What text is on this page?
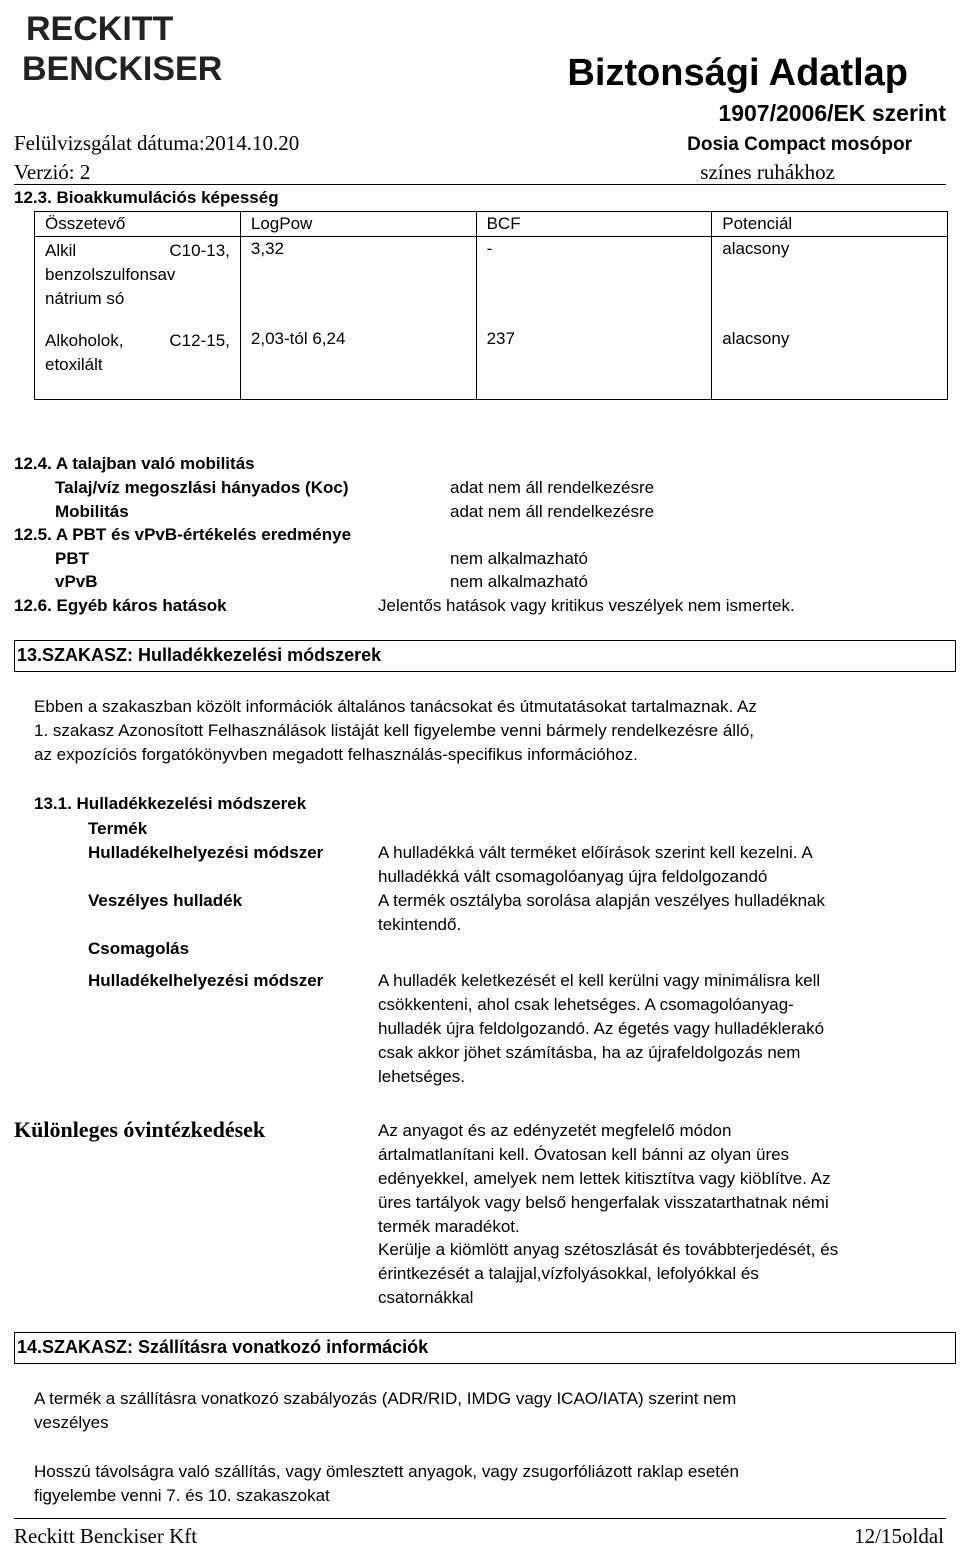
RECKITT
BENCKISER	Biztonsági Adatlap
1907/2006/EK szerint
Dosia Compact mosópor
színes ruhákhoz
Felülvizsgálat dátuma:2014.10.20
Verzió: 2
12.3. Bioakkumulációs képesség
Összetevő	LogPow	BCF	Potenciál
Alkil C10-13, benzolszulfonsav nátrium só	3,32	-	alacsony
Alkoholok, C12-15, etoxilált	2,03-tól 6,24	237	alacsony
12.4. A talajban való mobilitás
Talaj/víz megoszlási hányados (Koc)	adat nem áll rendelkezésre
Mobilitás	adat nem áll rendelkezésre
12.5. A PBT és vPvB-értékelés eredménye
PBT	nem alkalmazható
vPvB	nem alkalmazható
12.6. Egyéb káros hatások	Jelentős hatások vagy kritikus veszélyek nem ismertek.
13.SZAKASZ: Hulladékkezelési módszerek
Ebben a szakaszban közölt információk általános tanácsokat és útmutatásokat tartalmaznak. Az
1. szakasz Azonosított Felhasználások listáját kell figyelembe venni bármely rendelkezésre álló,
az expozíciós forgatókönyvben megadott felhasználás-specifikus információhoz.
13.1. Hulladékkezelési módszerek
Termék
Hulladékelhelyezési módszer	A hulladékká vált terméket előírások szerint kell kezelni. A
hulladékká vált csomagolóanyag újra feldolgozandó
Veszélyes hulladék	A termék osztályba sorolása alapján veszélyes hulladéknak
tekintendő.
Csomagolás
Hulladékelhelyezési módszer	A hulladék keletkezését el kell kerülni vagy minimálisra kell
csökkenteni, ahol csak lehetséges. A csomagolóanyag-
hulladék újra feldolgozandó. Az égetés vagy hulladéklerakó
csak akkor jöhet számításba, ha az újrafeldolgozás nem
lehetséges.
Különleges óvintézkedések	Az anyagot és az edényzetét megfelelő módon
ártalmatlanítani kell. Óvatosan kell bánni az olyan üres
edényekkel, amelyek nem lettek kitisztítva vagy kiöblítve. Az
üres tartályok vagy belső hengerfalak visszatarthatnak némi
termék maradékot.
Kerülje a kiömlött anyag szétoszlását és továbbterjedését, és
érintkezését a talajjal,vízfolyásokkal, lefolyókkal és
csatornákkal
14.SZAKASZ: Szállításra vonatkozó információk
A termék a szállításra vonatkozó szabályozás (ADR/RID, IMDG vagy ICAO/IATA) szerint nem
veszélyes
Hosszú távolságra való szállítás, vagy ömlesztett anyagok, vagy zsugorfóliázott raklap esetén
figyelembe venni 7. és 10. szakaszokat
Reckitt Benckiser Kft	12/15oldal
